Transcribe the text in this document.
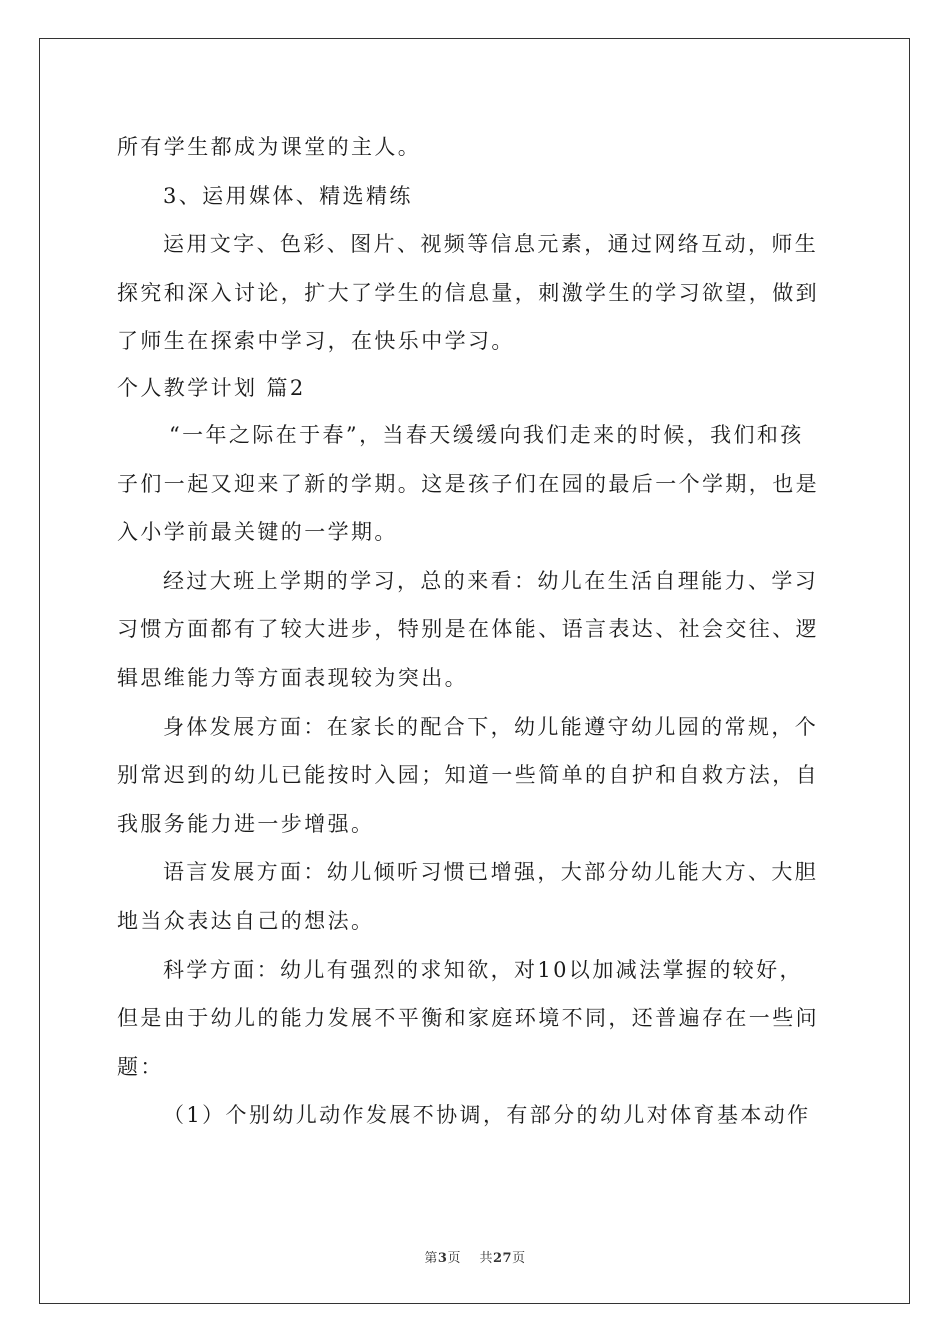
所有学生都成为课堂的主人。
3、运用媒体、精选精练
运用文字、色彩、图片、视频等信息元素，通过网络互动，师生
探究和深入讨论，扩大了学生的信息量，刺激学生的学习欲望，做到
了师生在探索中学习，在快乐中学习。
个人教学计划 篇2
“一年之际在于春”，当春天缓缓向我们走来的时候，我们和孩
子们一起又迎来了新的学期。这是孩子们在园的最后一个学期，也是
入小学前最关键的一学期。
经过大班上学期的学习，总的来看：幼儿在生活自理能力、学习
习惯方面都有了较大进步，特别是在体能、语言表达、社会交往、逻
辑思维能力等方面表现较为突出。
身体发展方面：在家长的配合下，幼儿能遵守幼儿园的常规，个
别常迟到的幼儿已能按时入园；知道一些简单的自护和自救方法，自
我服务能力进一步增强。
语言发展方面：幼儿倾听习惯已增强，大部分幼儿能大方、大胆
地当众表达自己的想法。
科学方面：幼儿有强烈的求知欲，对10以加减法掌握的较好，
但是由于幼儿的能力发展不平衡和家庭环境不同，还普遍存在一些问
题：
（1）个别幼儿动作发展不协调，有部分的幼儿对体育基本动作
第3页 共27页
